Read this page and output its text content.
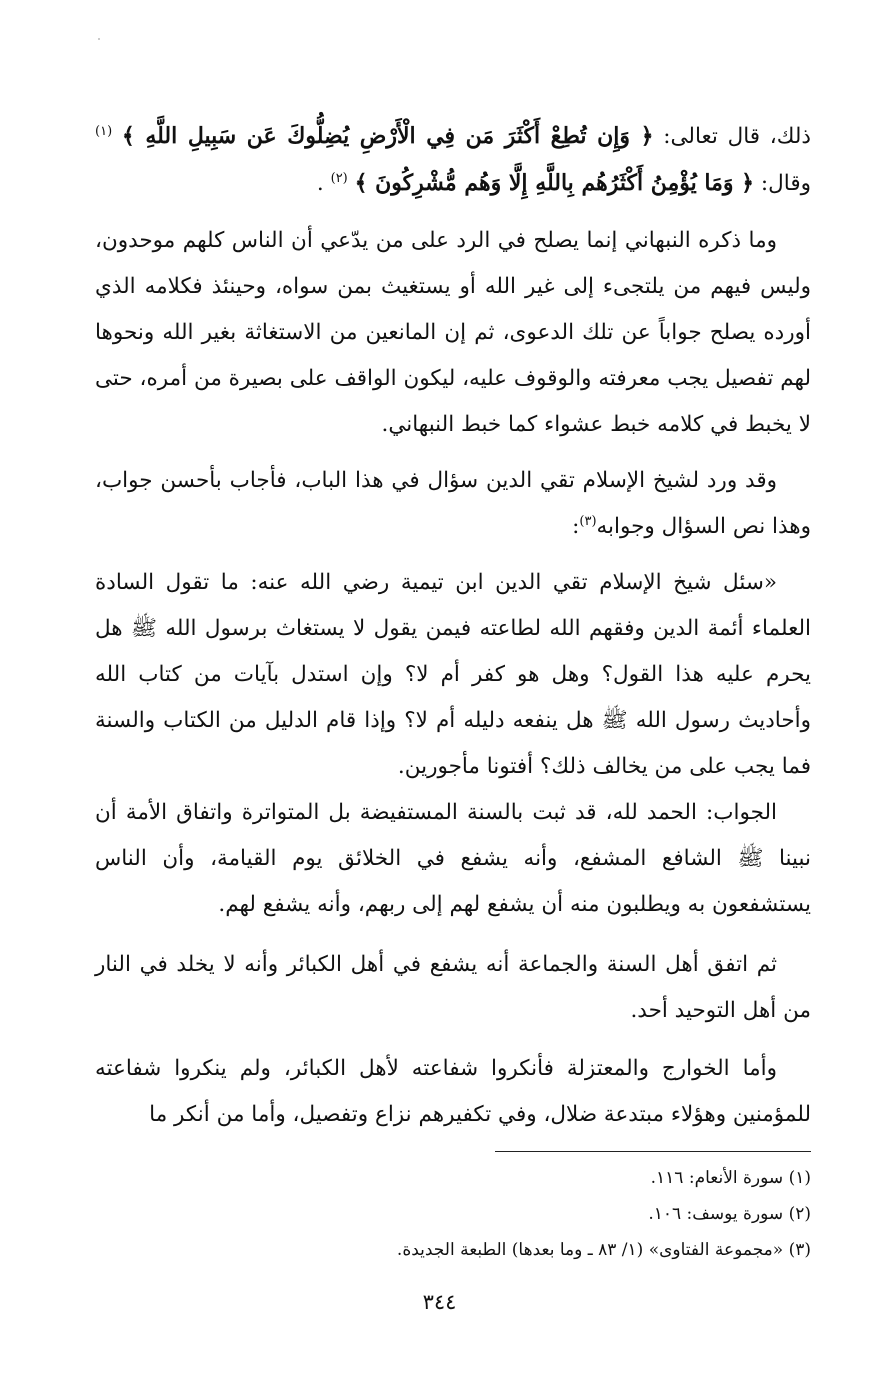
ذلك، قال تعالى: ﴿ وَإِن تُطِعْ أَكْثَرَ مَن فِي الْأَرْضِ يُضِلُّوكَ عَن سَبِيلِ اللَّهِ ﴾ $^{(١)}$ وقال: ﴿ وَمَا يُؤْمِنُ أَكْثَرُهُم بِاللَّهِ إِلَّا وَهُم مُّشْرِكُونَ ﴾ $^{(٢)}$ .

وما ذكره النبهاني إنما يصلح في الرد على من يدّعي أن الناس كلهم موحدون، وليس فيهم من يلتجىء إلى غير الله أو يستغيث بمن سواه، وحينئذ فكلامه الذي أورده يصلح جواباً عن تلك الدعوى، ثم إن المانعين من الاستغاثة بغير الله ونحوها لهم تفصيل يجب معرفته والوقوف عليه، ليكون الواقف على بصيرة من أمره، حتى لا يخبط في كلامه خبط عشواء كما خبط النبهاني.

وقد ورد لشيخ الإسلام تقي الدين سؤال في هذا الباب، فأجاب بأحسن جواب، وهذا نص السؤال وجوابه$^{(٣)}$:

«سئل شيخ الإسلام تقي الدين ابن تيمية رضي الله عنه: ما تقول السادة العلماء أئمة الدين وفقهم الله لطاعته فيمن يقول لا يستغاث برسول الله ﷺ هل يحرم عليه هذا القول؟ وهل هو كفر أم لا؟ وإن استدل بآيات من كتاب الله وأحاديث رسول الله ﷺ هل ينفعه دليله أم لا؟ وإذا قام الدليل من الكتاب والسنة فما يجب على من يخالف ذلك؟ أفتونا مأجورين.

الجواب: الحمد لله، قد ثبت بالسنة المستفيضة بل المتواترة واتفاق الأمة أن نبينا ﷺ الشافع المشفع، وأنه يشفع في الخلائق يوم القيامة، وأن الناس يستشفعون به ويطلبون منه أن يشفع لهم إلى ربهم، وأنه يشفع لهم.

ثم اتفق أهل السنة والجماعة أنه يشفع في أهل الكبائر وأنه لا يخلد في النار من أهل التوحيد أحد.

وأما الخوارج والمعتزلة فأنكروا شفاعته لأهل الكبائر، ولم ينكروا شفاعته للمؤمنين وهؤلاء مبتدعة ضلال، وفي تكفيرهم نزاع وتفصيل، وأما من أنكر ما

(١) سورة الأنعام: ١١٦.

(٢) سورة يوسف: ١٠٦.

(٣) «مجموعة الفتاوى» (١/ ٨٣ ـ وما بعدها) الطبعة الجديدة.

٣٤٤
